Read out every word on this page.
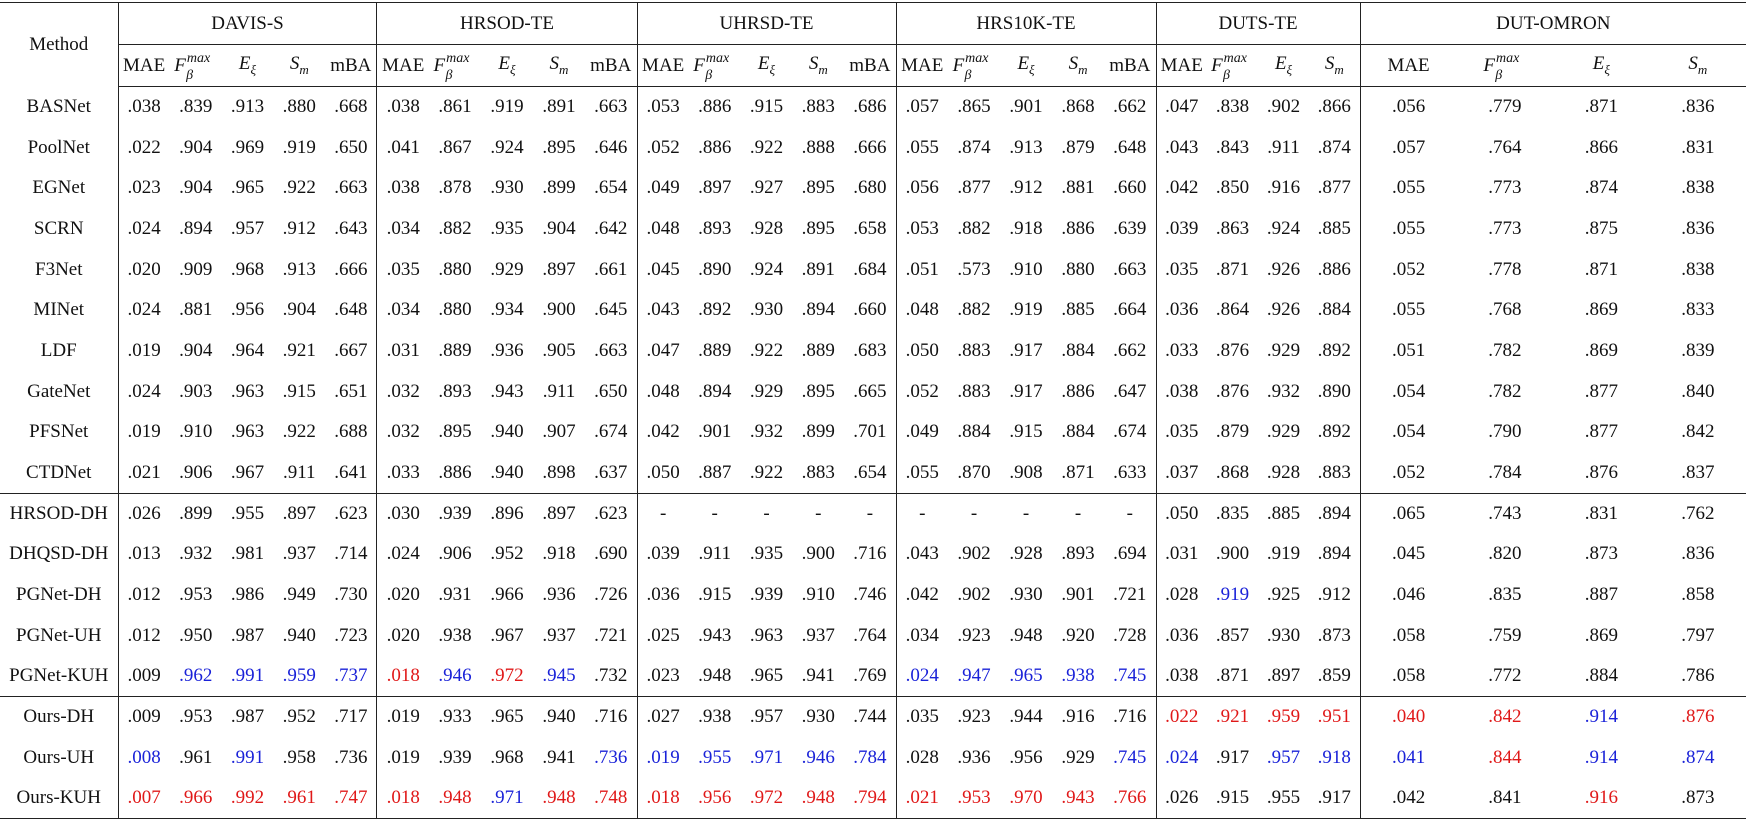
Method	DAVIS-S					HRSOD-TE					UHRSD-TE					HRS10K-TE					DUTS-TE				DUT-OMRON			
	MAE	$F^{max}_\beta$	$E_\xi$	$S_m$	mBA	MAE	$F^{max}_\beta$	$E_\xi$	$S_m$	mBA	MAE	$F^{max}_\beta$	$E_\xi$	$S_m$	mBA	MAE	$F^{max}_\beta$	$E_\xi$	$S_m$	mBA	MAE	$F^{max}_\beta$	$E_\xi$	$S_m$	MAE	$F^{max}_\beta$	$E_\xi$	$S_m$
BASNet	.038	.839	.913	.880	.668	.038	.861	.919	.891	.663	.053	.886	.915	.883	.686	.057	.865	.901	.868	.662	.047	.838	.902	.866	.056	.779	.871	.836
PoolNet	.022	.904	.969	.919	.650	.041	.867	.924	.895	.646	.052	.886	.922	.888	.666	.055	.874	.913	.879	.648	.043	.843	.911	.874	.057	.764	.866	.831
EGNet	.023	.904	.965	.922	.663	.038	.878	.930	.899	.654	.049	.897	.927	.895	.680	.056	.877	.912	.881	.660	.042	.850	.916	.877	.055	.773	.874	.838
SCRN	.024	.894	.957	.912	.643	.034	.882	.935	.904	.642	.048	.893	.928	.895	.658	.053	.882	.918	.886	.639	.039	.863	.924	.885	.055	.773	.875	.836
F3Net	.020	.909	.968	.913	.666	.035	.880	.929	.897	.661	.045	.890	.924	.891	.684	.051	.573	.910	.880	.663	.035	.871	.926	.886	.052	.778	.871	.838
MINet	.024	.881	.956	.904	.648	.034	.880	.934	.900	.645	.043	.892	.930	.894	.660	.048	.882	.919	.885	.664	.036	.864	.926	.884	.055	.768	.869	.833
LDF	.019	.904	.964	.921	.667	.031	.889	.936	.905	.663	.047	.889	.922	.889	.683	.050	.883	.917	.884	.662	.033	.876	.929	.892	.051	.782	.869	.839
GateNet	.024	.903	.963	.915	.651	.032	.893	.943	.911	.650	.048	.894	.929	.895	.665	.052	.883	.917	.886	.647	.038	.876	.932	.890	.054	.782	.877	.840
PFSNet	.019	.910	.963	.922	.688	.032	.895	.940	.907	.674	.042	.901	.932	.899	.701	.049	.884	.915	.884	.674	.035	.879	.929	.892	.054	.790	.877	.842
CTDNet	.021	.906	.967	.911	.641	.033	.886	.940	.898	.637	.050	.887	.922	.883	.654	.055	.870	.908	.871	.633	.037	.868	.928	.883	.052	.784	.876	.837
HRSOD-DH	.026	.899	.955	.897	.623	.030	.939	.896	.897	.623	-	-	-	-	-	-	-	-	-	-	.050	.835	.885	.894	.065	.743	.831	.762
DHQSD-DH	.013	.932	.981	.937	.714	.024	.906	.952	.918	.690	.039	.911	.935	.900	.716	.043	.902	.928	.893	.694	.031	.900	.919	.894	.045	.820	.873	.836
PGNet-DH	.012	.953	.986	.949	.730	.020	.931	.966	.936	.726	.036	.915	.939	.910	.746	.042	.902	.930	.901	.721	.028	.919	.925	.912	.046	.835	.887	.858
PGNet-UH	.012	.950	.987	.940	.723	.020	.938	.967	.937	.721	.025	.943	.963	.937	.764	.034	.923	.948	.920	.728	.036	.857	.930	.873	.058	.759	.869	.797
PGNet-KUH	.009	.962	.991	.959	.737	.018	.946	.972	.945	.732	.023	.948	.965	.941	.769	.024	.947	.965	.938	.745	.038	.871	.897	.859	.058	.772	.884	.786
Ours-DH	.009	.953	.987	.952	.717	.019	.933	.965	.940	.716	.027	.938	.957	.930	.744	.035	.923	.944	.916	.716	.022	.921	.959	.951	.040	.842	.914	.876
Ours-UH	.008	.961	.991	.958	.736	.019	.939	.968	.941	.736	.019	.955	.971	.946	.784	.028	.936	.956	.929	.745	.024	.917	.957	.918	.041	.844	.914	.874
Ours-KUH	.007	.966	.992	.961	.747	.018	.948	.971	.948	.748	.018	.956	.972	.948	.794	.021	.953	.970	.943	.766	.026	.915	.955	.917	.042	.841	.916	.873
